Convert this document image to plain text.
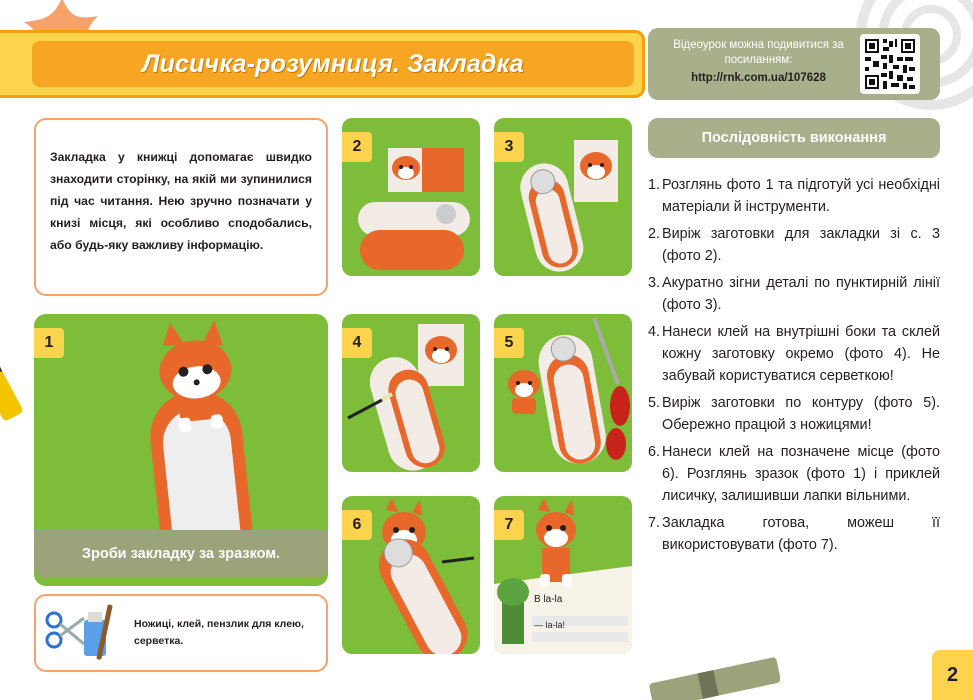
Лисичка-розумниця. Закладка
Відеоурок можна подивитися за посиланням:
http://rnk.com.ua/107628

Закладка у книжці допомагає швидко знаходити сторінку, на якій ми зупинилися під час читання. Нею зручно позначати у книзі місця, які особливо сподобались, або будь-яку важливу інформацію.

1
Зроби закладку за зразком.

Ножиці, клей, пензлик для клею, серветка.

2	3
4	5
6	7
В la-la
— la-la!
Послідовність виконання
1. Розглянь фото 1 та підготуй усі необхідні матеріали й інструменти.
2. Виріж заготовки для закладки зі с. 3 (фото 2).
3. Акуратно зігни деталі по пунктирній лінії (фото 3).
4. Нанеси клей на внутрішні боки та склей кожну заготовку окремо (фото 4). Не забувай користуватися серветкою!
5. Виріж заготовки по контуру (фото 5). Обережно працюй з ножицями!
6. Нанеси клей на позначене місце (фото 6). Розглянь зразок (фото 1) і приклей лисичку, залишивши лапки вільними.
7. Закладка готова, можеш її використовувати (фото 7).
2
